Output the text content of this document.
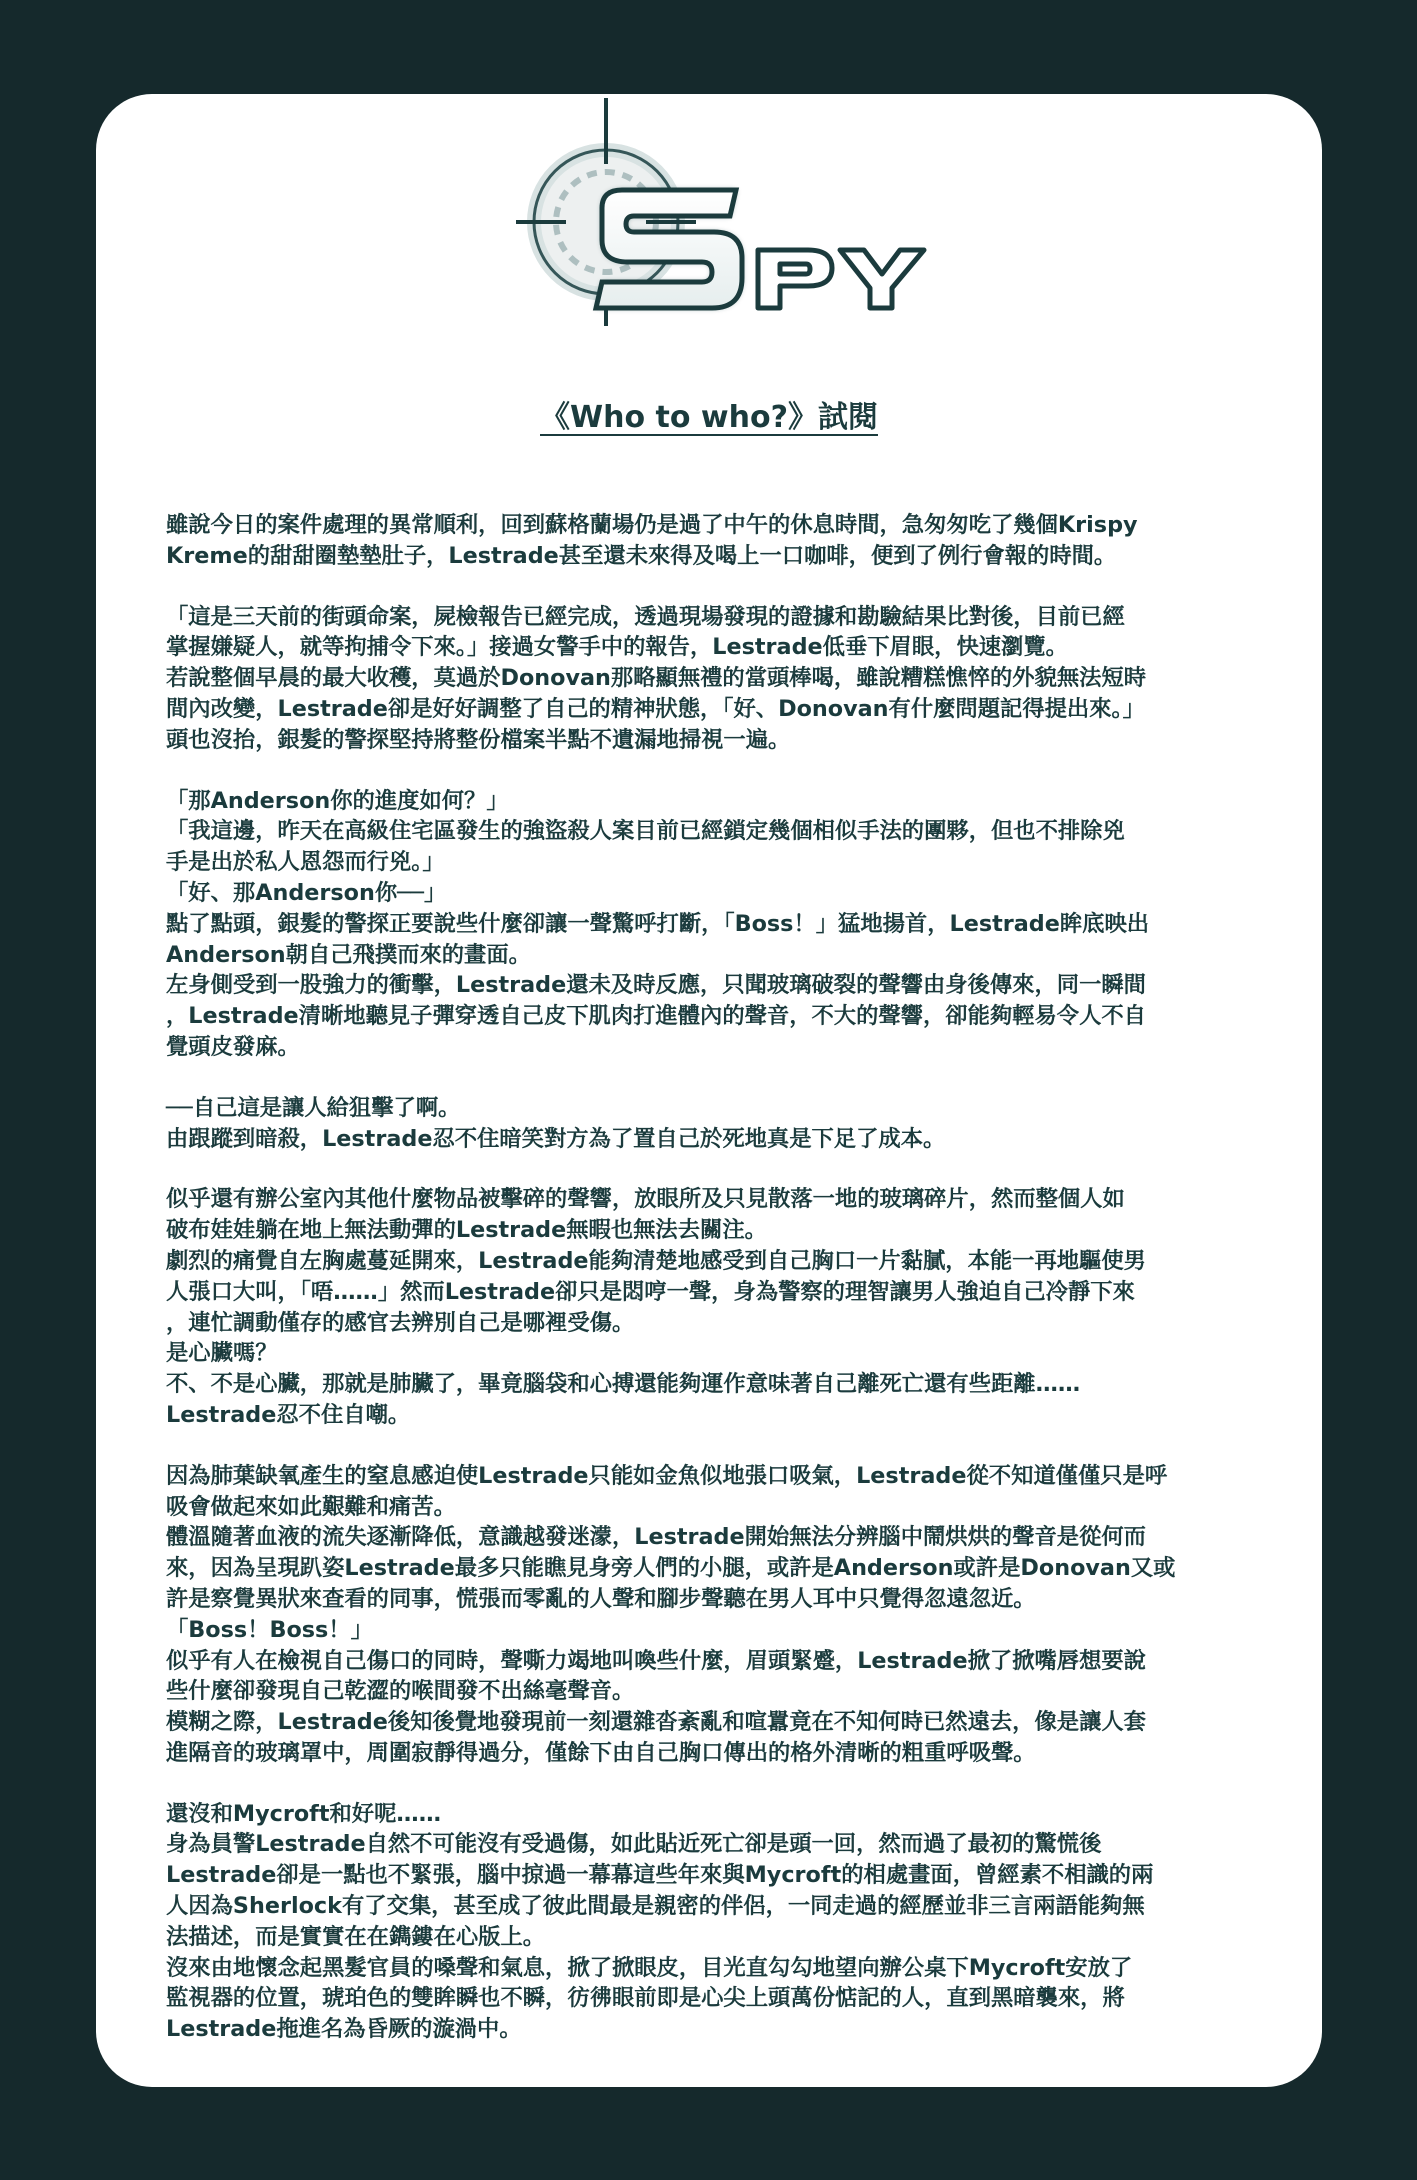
《Who to who?》試閱

雖說今日的案件處理的異常順利，回到蘇格蘭場仍是過了中午的休息時間，急匆匆吃了幾個Krispy
Kreme的甜甜圈墊墊肚子，Lestrade甚至還未來得及喝上一口咖啡，便到了例行會報的時間。

「這是三天前的街頭命案，屍檢報告已經完成，透過現場發現的證據和勘驗結果比對後，目前已經
掌握嫌疑人，就等拘捕令下來。」接過女警手中的報告，Lestrade低垂下眉眼，快速瀏覽。
若說整個早晨的最大收穫，莫過於Donovan那略顯無禮的當頭棒喝，雖說糟糕憔悴的外貌無法短時
間內改變，Lestrade卻是好好調整了自己的精神狀態，「好、Donovan有什麼問題記得提出來。」
頭也沒抬，銀髮的警探堅持將整份檔案半點不遺漏地掃視一遍。

「那Anderson你的進度如何？」
「我這邊，昨天在高級住宅區發生的強盜殺人案目前已經鎖定幾個相似手法的團夥，但也不排除兇
手是出於私人恩怨而行兇。」
「好、那Anderson你──」
點了點頭，銀髮的警探正要說些什麼卻讓一聲驚呼打斷，「Boss！」猛地揚首，Lestrade眸底映出
Anderson朝自己飛撲而來的畫面。
左身側受到一股強力的衝擊，Lestrade還未及時反應，只聞玻璃破裂的聲響由身後傳來，同一瞬間
，Lestrade清晰地聽見子彈穿透自己皮下肌肉打進體內的聲音，不大的聲響，卻能夠輕易令人不自
覺頭皮發麻。

──自己這是讓人給狙擊了啊。
由跟蹤到暗殺，Lestrade忍不住暗笑對方為了置自己於死地真是下足了成本。

似乎還有辦公室內其他什麼物品被擊碎的聲響，放眼所及只見散落一地的玻璃碎片，然而整個人如
破布娃娃躺在地上無法動彈的Lestrade無暇也無法去關注。
劇烈的痛覺自左胸處蔓延開來，Lestrade能夠清楚地感受到自己胸口一片黏膩，本能一再地驅使男
人張口大叫，「唔……」然而Lestrade卻只是悶哼一聲，身為警察的理智讓男人強迫自己冷靜下來
，連忙調動僅存的感官去辨別自己是哪裡受傷。
是心臟嗎？
不、不是心臟，那就是肺臟了，畢竟腦袋和心搏還能夠運作意味著自己離死亡還有些距離……
Lestrade忍不住自嘲。

因為肺葉缺氧產生的窒息感迫使Lestrade只能如金魚似地張口吸氣，Lestrade從不知道僅僅只是呼
吸會做起來如此艱難和痛苦。
體溫隨著血液的流失逐漸降低，意識越發迷濛，Lestrade開始無法分辨腦中鬧烘烘的聲音是從何而
來，因為呈現趴姿Lestrade最多只能瞧見身旁人們的小腿，或許是Anderson或許是Donovan又或
許是察覺異狀來查看的同事，慌張而零亂的人聲和腳步聲聽在男人耳中只覺得忽遠忽近。
「Boss！Boss！」
似乎有人在檢視自己傷口的同時，聲嘶力竭地叫喚些什麼，眉頭緊蹙，Lestrade掀了掀嘴唇想要說
些什麼卻發現自己乾澀的喉間發不出絲毫聲音。
模糊之際，Lestrade後知後覺地發現前一刻還雜沓紊亂和喧囂竟在不知何時已然遠去，像是讓人套
進隔音的玻璃罩中，周圍寂靜得過分，僅餘下由自己胸口傳出的格外清晰的粗重呼吸聲。

還沒和Mycroft和好呢……
身為員警Lestrade自然不可能沒有受過傷，如此貼近死亡卻是頭一回，然而過了最初的驚慌後
Lestrade卻是一點也不緊張，腦中掠過一幕幕這些年來與Mycroft的相處畫面，曾經素不相識的兩
人因為Sherlock有了交集，甚至成了彼此間最是親密的伴侶，一同走過的經歷並非三言兩語能夠無
法描述，而是實實在在鐫鏤在心版上。
沒來由地懷念起黑髮官員的嗓聲和氣息，掀了掀眼皮，目光直勾勾地望向辦公桌下Mycroft安放了
監視器的位置，琥珀色的雙眸瞬也不瞬，彷彿眼前即是心尖上頭萬份惦記的人，直到黑暗襲來，將
Lestrade拖進名為昏厥的漩渦中。
